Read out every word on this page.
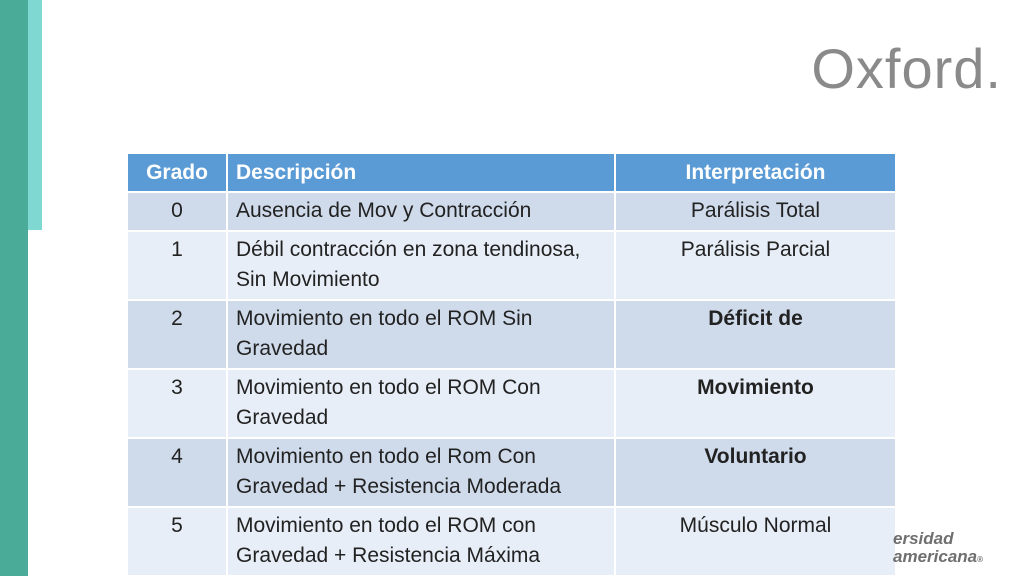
Oxford.
Grado	Descripción	Interpretación
0	Ausencia de Mov y Contracción	Parálisis Total
1	Débil contracción en zona tendinosa, Sin Movimiento	Parálisis Parcial
2	Movimiento en todo el ROM Sin Gravedad	Déficit de
3	Movimiento en todo el ROM Con Gravedad	Movimiento
4	Movimiento en todo el Rom Con Gravedad + Resistencia Moderada	Voluntario
5	Movimiento en todo el ROM con Gravedad + Resistencia Máxima	Músculo Normal
ersidad
americana®
